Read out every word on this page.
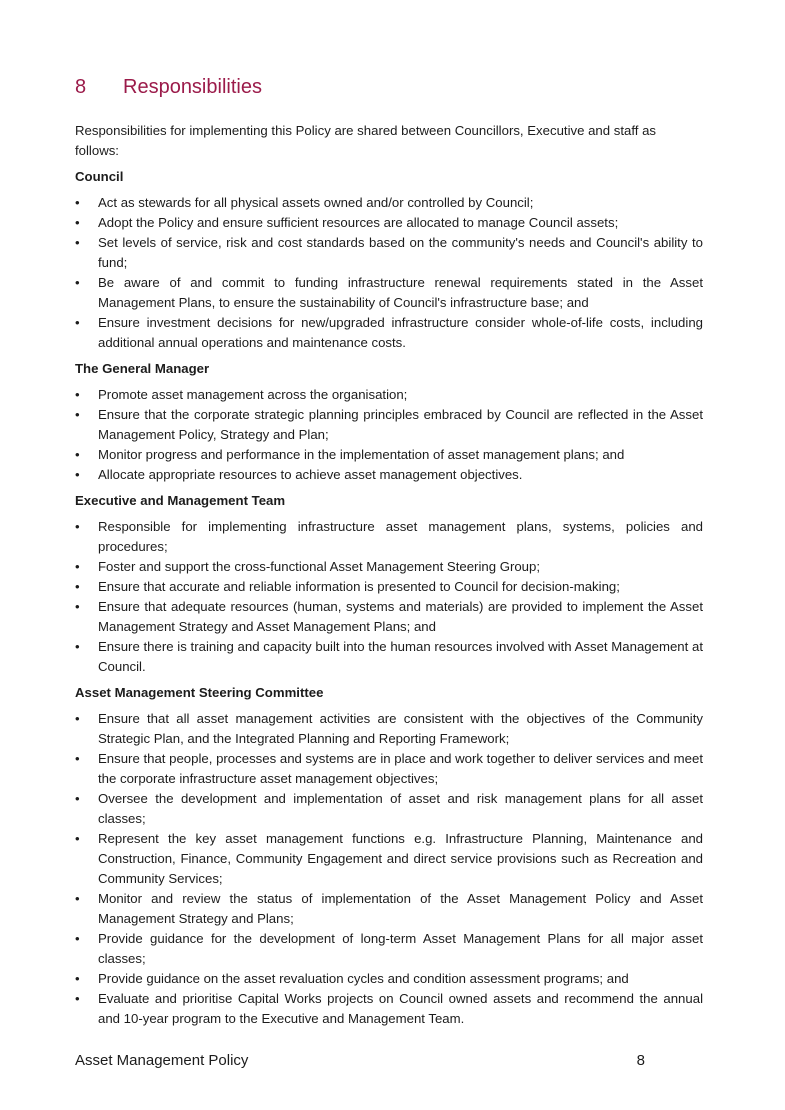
8	Responsibilities

Responsibilities for implementing this Policy are shared between Councillors, Executive and staff as follows:

Council
•	Act as stewards for all physical assets owned and/or controlled by Council;
•	Adopt the Policy and ensure sufficient resources are allocated to manage Council assets;
•	Set levels of service, risk and cost standards based on the community's needs and Council's ability to fund;
•	Be aware of and commit to funding infrastructure renewal requirements stated in the Asset Management Plans, to ensure the sustainability of Council's infrastructure base; and
•	Ensure investment decisions for new/upgraded infrastructure consider whole-of-life costs, including additional annual operations and maintenance costs.
The General Manager
•	Promote asset management across the organisation;
•	Ensure that the corporate strategic planning principles embraced by Council are reflected in the Asset Management Policy, Strategy and Plan;
•	Monitor progress and performance in the implementation of asset management plans; and
•	Allocate appropriate resources to achieve asset management objectives.
Executive and Management Team
•	Responsible for implementing infrastructure asset management plans, systems, policies and procedures;
•	Foster and support the cross-functional Asset Management Steering Group;
•	Ensure that accurate and reliable information is presented to Council for decision-making;
•	Ensure that adequate resources (human, systems and materials) are provided to implement the Asset Management Strategy and Asset Management Plans; and
•	Ensure there is training and capacity built into the human resources involved with Asset Management at Council.
Asset Management Steering Committee
•	Ensure that all asset management activities are consistent with the objectives of the Community Strategic Plan, and the Integrated Planning and Reporting Framework;
•	Ensure that people, processes and systems are in place and work together to deliver services and meet the corporate infrastructure asset management objectives;
•	Oversee the development and implementation of asset and risk management plans for all asset classes;
•	Represent the key asset management functions e.g. Infrastructure Planning, Maintenance and Construction, Finance, Community Engagement and direct service provisions such as Recreation and Community Services;
•	Monitor and review the status of implementation of the Asset Management Policy and Asset Management Strategy and Plans;
•	Provide guidance for the development of long-term Asset Management Plans for all major asset classes;
•	Provide guidance on the asset revaluation cycles and condition assessment programs; and
•	Evaluate and prioritise Capital Works projects on Council owned assets and recommend the annual and 10-year program to the Executive and Management Team.
Asset Management Policy	8
